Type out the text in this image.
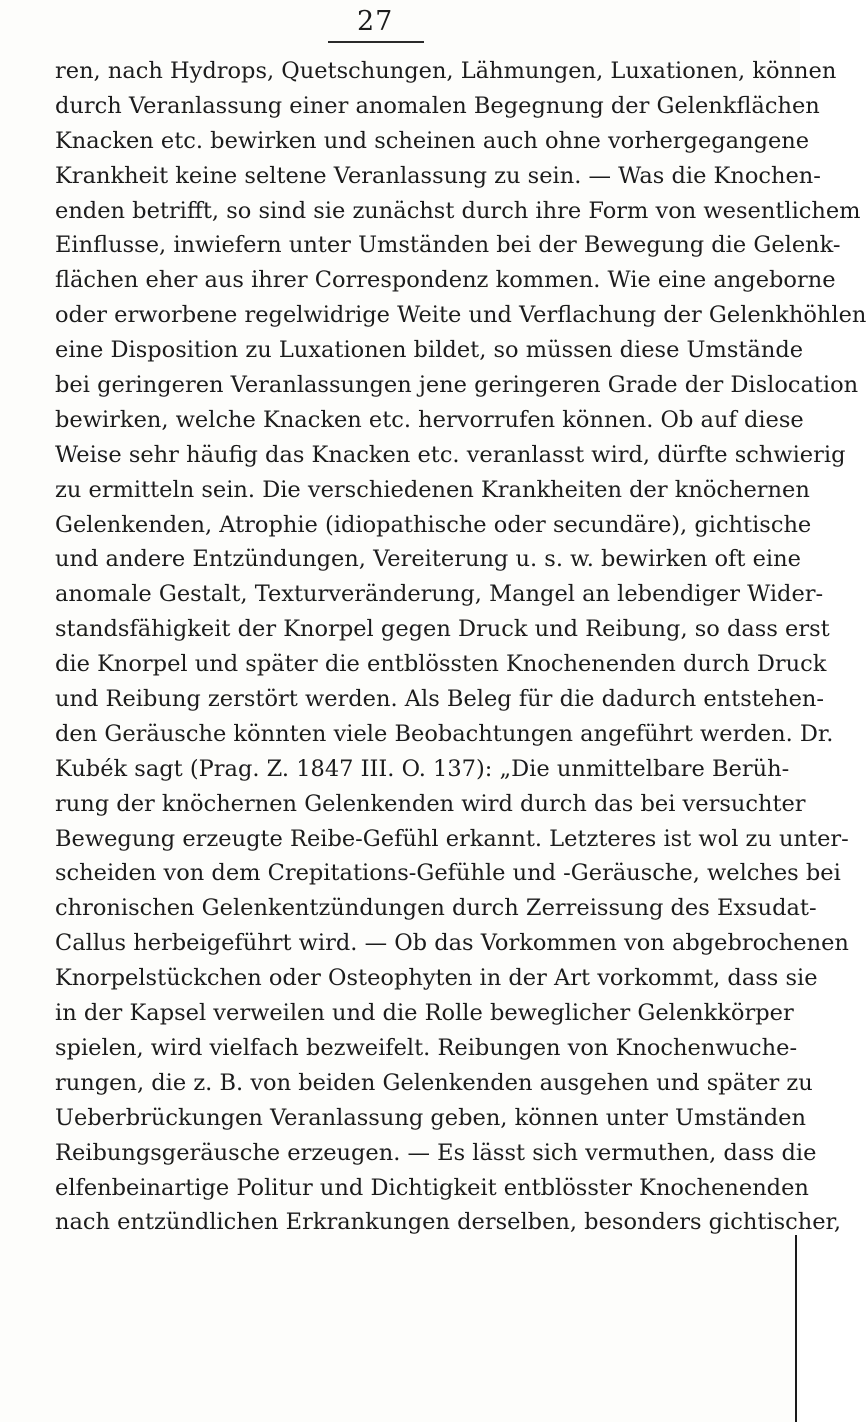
27
ren, nach Hydrops, Quetschungen, Lähmungen, Luxationen, können
durch Veranlassung einer anomalen Begegnung der Gelenkflächen
Knacken etc. bewirken und scheinen auch ohne vorhergegangene
Krankheit keine seltene Veranlassung zu sein. — Was die Knochen-
enden betrifft, so sind sie zunächst durch ihre Form von wesentlichem
Einflusse, inwiefern unter Umständen bei der Bewegung die Gelenk-
flächen eher aus ihrer Correspondenz kommen. Wie eine angeborne
oder erworbene regelwidrige Weite und Verflachung der Gelenkhöhlen
eine Disposition zu Luxationen bildet, so müssen diese Umstände
bei geringeren Veranlassungen jene geringeren Grade der Dislocation
bewirken, welche Knacken etc. hervorrufen können. Ob auf diese
Weise sehr häufig das Knacken etc. veranlasst wird, dürfte schwierig
zu ermitteln sein. Die verschiedenen Krankheiten der knöchernen
Gelenkenden, Atrophie (idiopathische oder secundäre), gichtische
und andere Entzündungen, Vereiterung u. s. w. bewirken oft eine
anomale Gestalt, Texturveränderung, Mangel an lebendiger Wider-
standsfähigkeit der Knorpel gegen Druck und Reibung, so dass erst
die Knorpel und später die entblössten Knochenenden durch Druck
und Reibung zerstört werden. Als Beleg für die dadurch entstehen-
den Geräusche könnten viele Beobachtungen angeführt werden. Dr.
Kubék sagt (Prag. Z. 1847 III. O. 137): „Die unmittelbare Berüh-
rung der knöchernen Gelenkenden wird durch das bei versuchter
Bewegung erzeugte Reibe-Gefühl erkannt. Letzteres ist wol zu unter-
scheiden von dem Crepitations-Gefühle und -Geräusche, welches bei
chronischen Gelenkentzündungen durch Zerreissung des Exsudat-
Callus herbeigeführt wird. — Ob das Vorkommen von abgebrochenen
Knorpelstückchen oder Osteophyten in der Art vorkommt, dass sie
in der Kapsel verweilen und die Rolle beweglicher Gelenkkörper
spielen, wird vielfach bezweifelt. Reibungen von Knochenwuche-
rungen, die z. B. von beiden Gelenkenden ausgehen und später zu
Ueberbrückungen Veranlassung geben, können unter Umständen
Reibungsgeräusche erzeugen. — Es lässt sich vermuthen, dass die
elfenbeinartige Politur und Dichtigkeit entblösster Knochenenden
nach entzündlichen Erkrankungen derselben, besonders gichtischer,
